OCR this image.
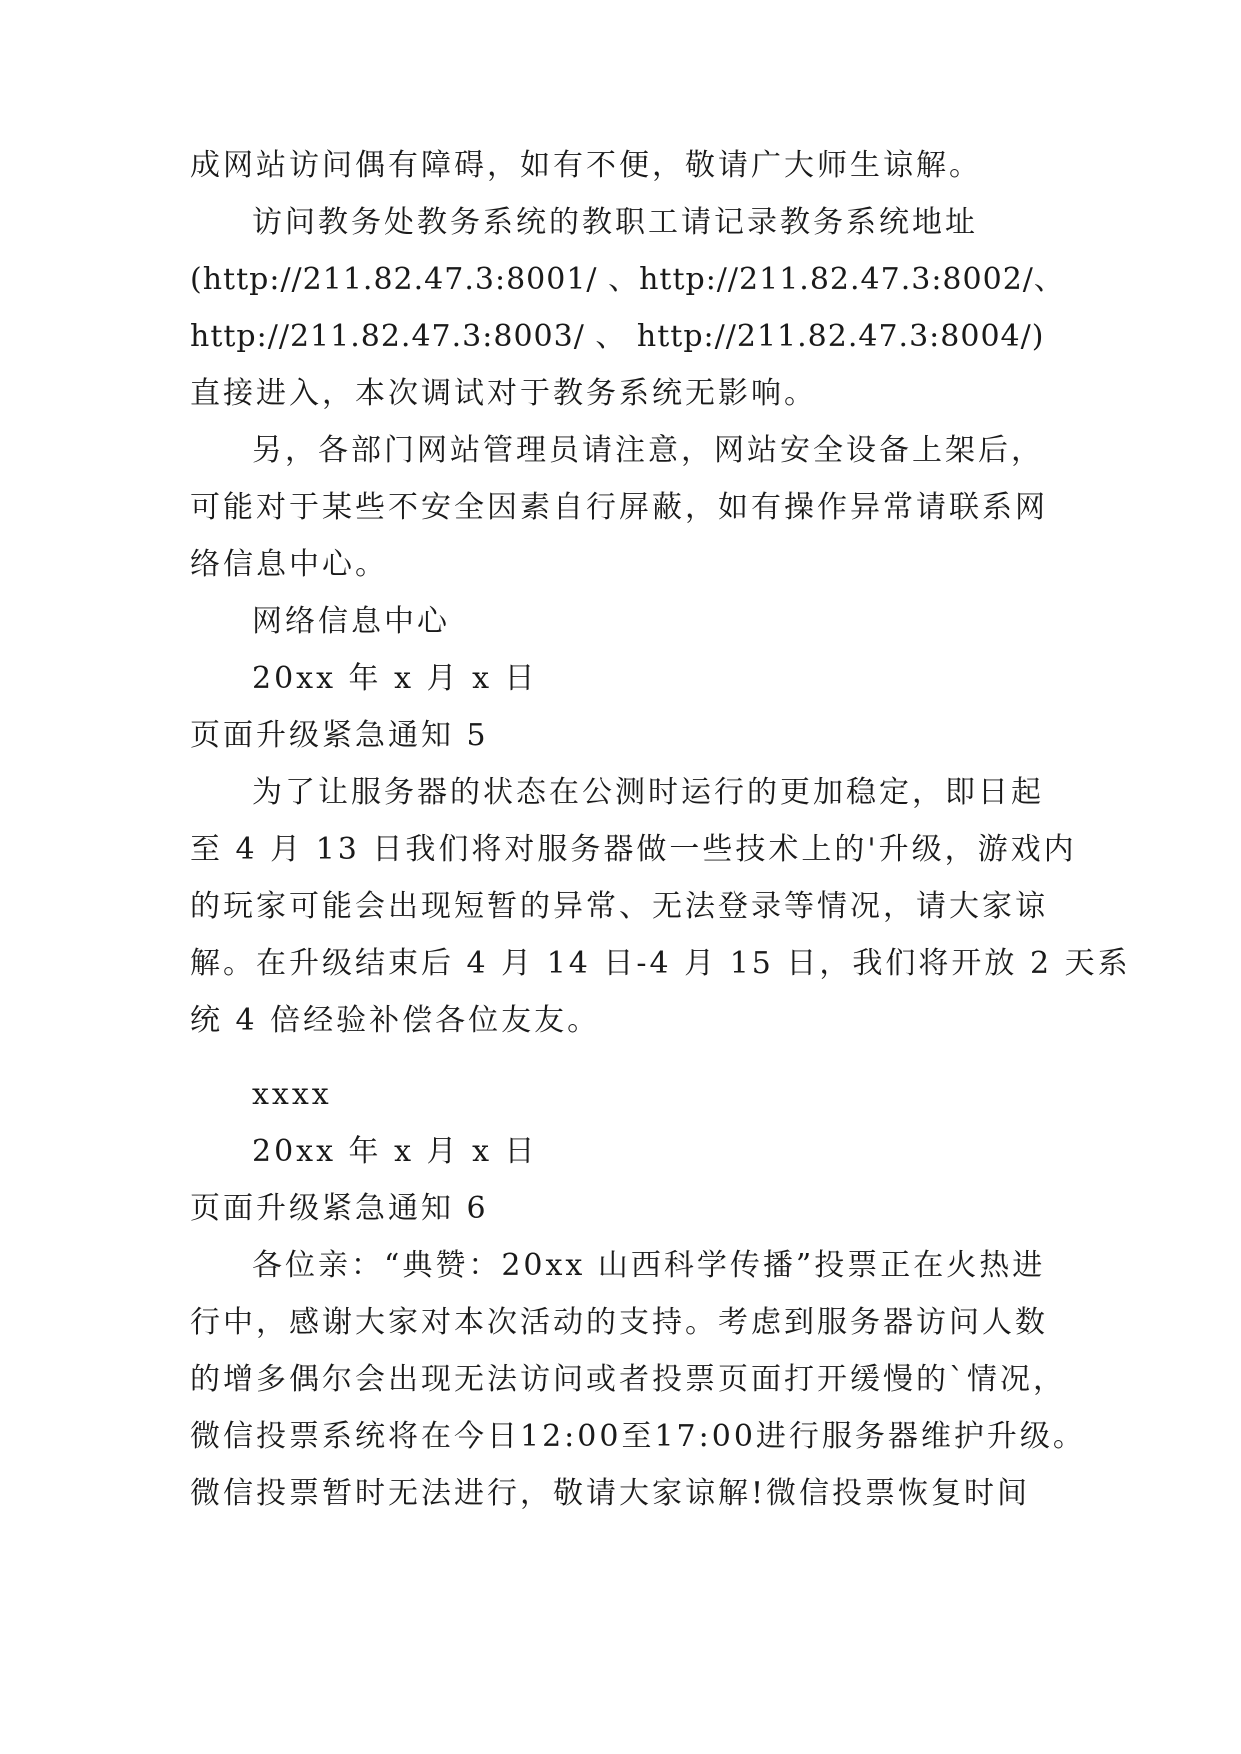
成网站访问偶有障碍，如有不便，敬请广大师生谅解。
访问教务处教务系统的教职工请记录教务系统地址
(http://211.82.47.3:8001/ 、http://211.82.47.3:8002/、
http://211.82.47.3:8003/ 、 http://211.82.47.3:8004/)
直接进入，本次调试对于教务系统无影响。
另，各部门网站管理员请注意，网站安全设备上架后，
可能对于某些不安全因素自行屏蔽，如有操作异常请联系网
络信息中心。
网络信息中心
20xx 年 x 月 x 日
页面升级紧急通知 5
为了让服务器的状态在公测时运行的更加稳定，即日起
至 4 月 13 日我们将对服务器做一些技术上的'升级，游戏内
的玩家可能会出现短暂的异常、无法登录等情况，请大家谅
解。在升级结束后 4 月 14 日-4 月 15 日，我们将开放 2 天系
统 4 倍经验补偿各位友友。
xxxx
20xx 年 x 月 x 日
页面升级紧急通知 6
各位亲：“典赞：20xx 山西科学传播”投票正在火热进
行中，感谢大家对本次活动的支持。考虑到服务器访问人数
的增多偶尔会出现无法访问或者投票页面打开缓慢的`情况，
微信投票系统将在今日12:00至17:00进行服务器维护升级。
微信投票暂时无法进行，敬请大家谅解!微信投票恢复时间
